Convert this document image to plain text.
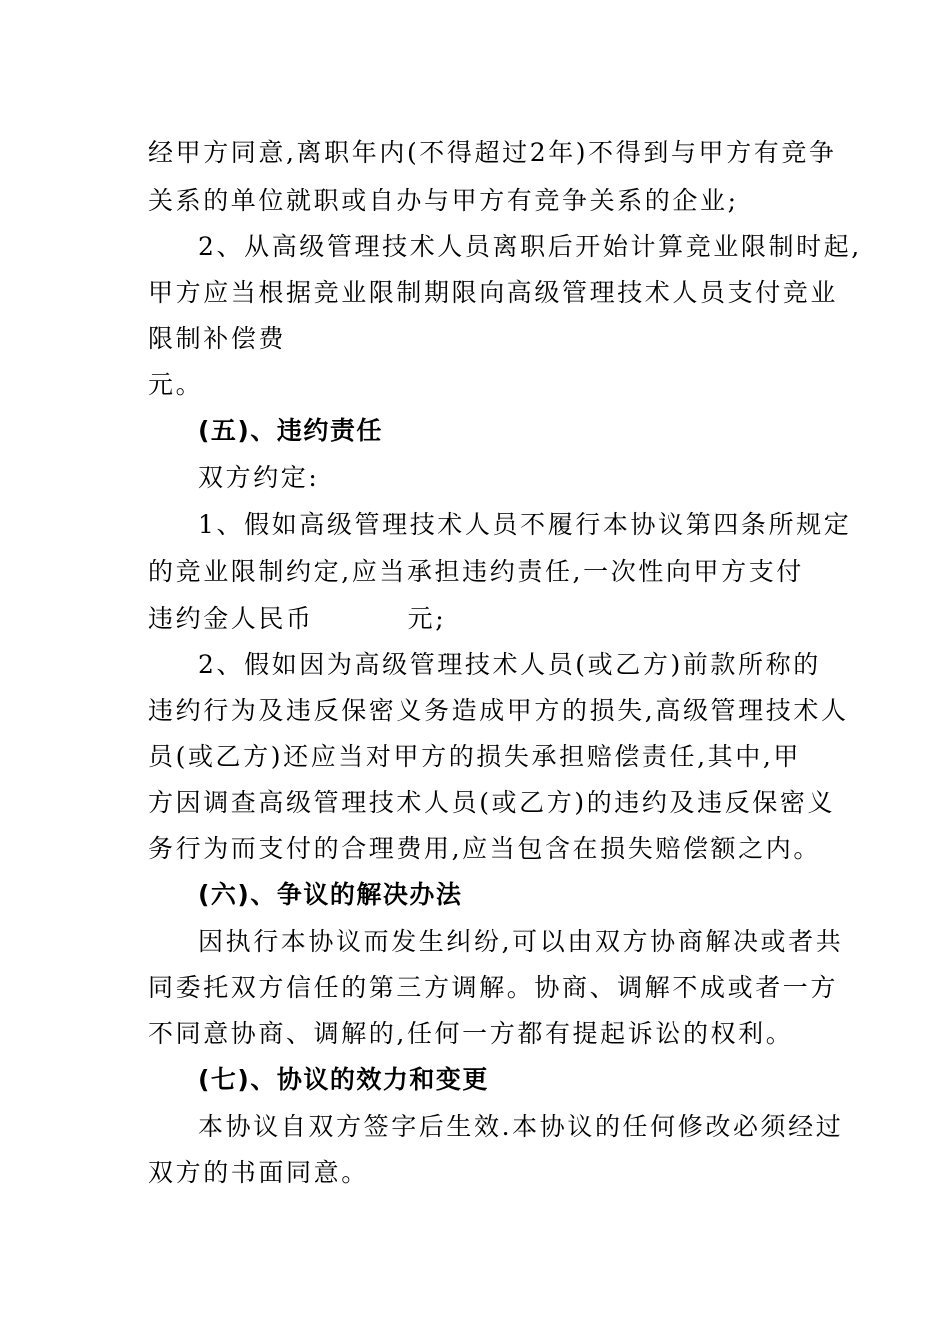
经甲方同意,离职年内(不得超过2年)不得到与甲方有竞争
关系的单位就职或自办与甲方有竞争关系的企业;
2、从高级管理技术人员离职后开始计算竞业限制时起,
甲方应当根据竞业限制期限向高级管理技术人员支付竞业
限制补偿费
元。
(五)、违约责任
双方约定:
1、假如高级管理技术人员不履行本协议第四条所规定
的竞业限制约定,应当承担违约责任,一次性向甲方支付
违约金人民币	元;
2、假如因为高级管理技术人员(或乙方)前款所称的
违约行为及违反保密义务造成甲方的损失,高级管理技术人
员(或乙方)还应当对甲方的损失承担赔偿责任,其中,甲
方因调查高级管理技术人员(或乙方)的违约及违反保密义
务行为而支付的合理费用,应当包含在损失赔偿额之内。
(六)、争议的解决办法
因执行本协议而发生纠纷,可以由双方协商解决或者共
同委托双方信任的第三方调解。协商、调解不成或者一方
不同意协商、调解的,任何一方都有提起诉讼的权利。
(七)、协议的效力和变更
本协议自双方签字后生效.本协议的任何修改必须经过
双方的书面同意。
